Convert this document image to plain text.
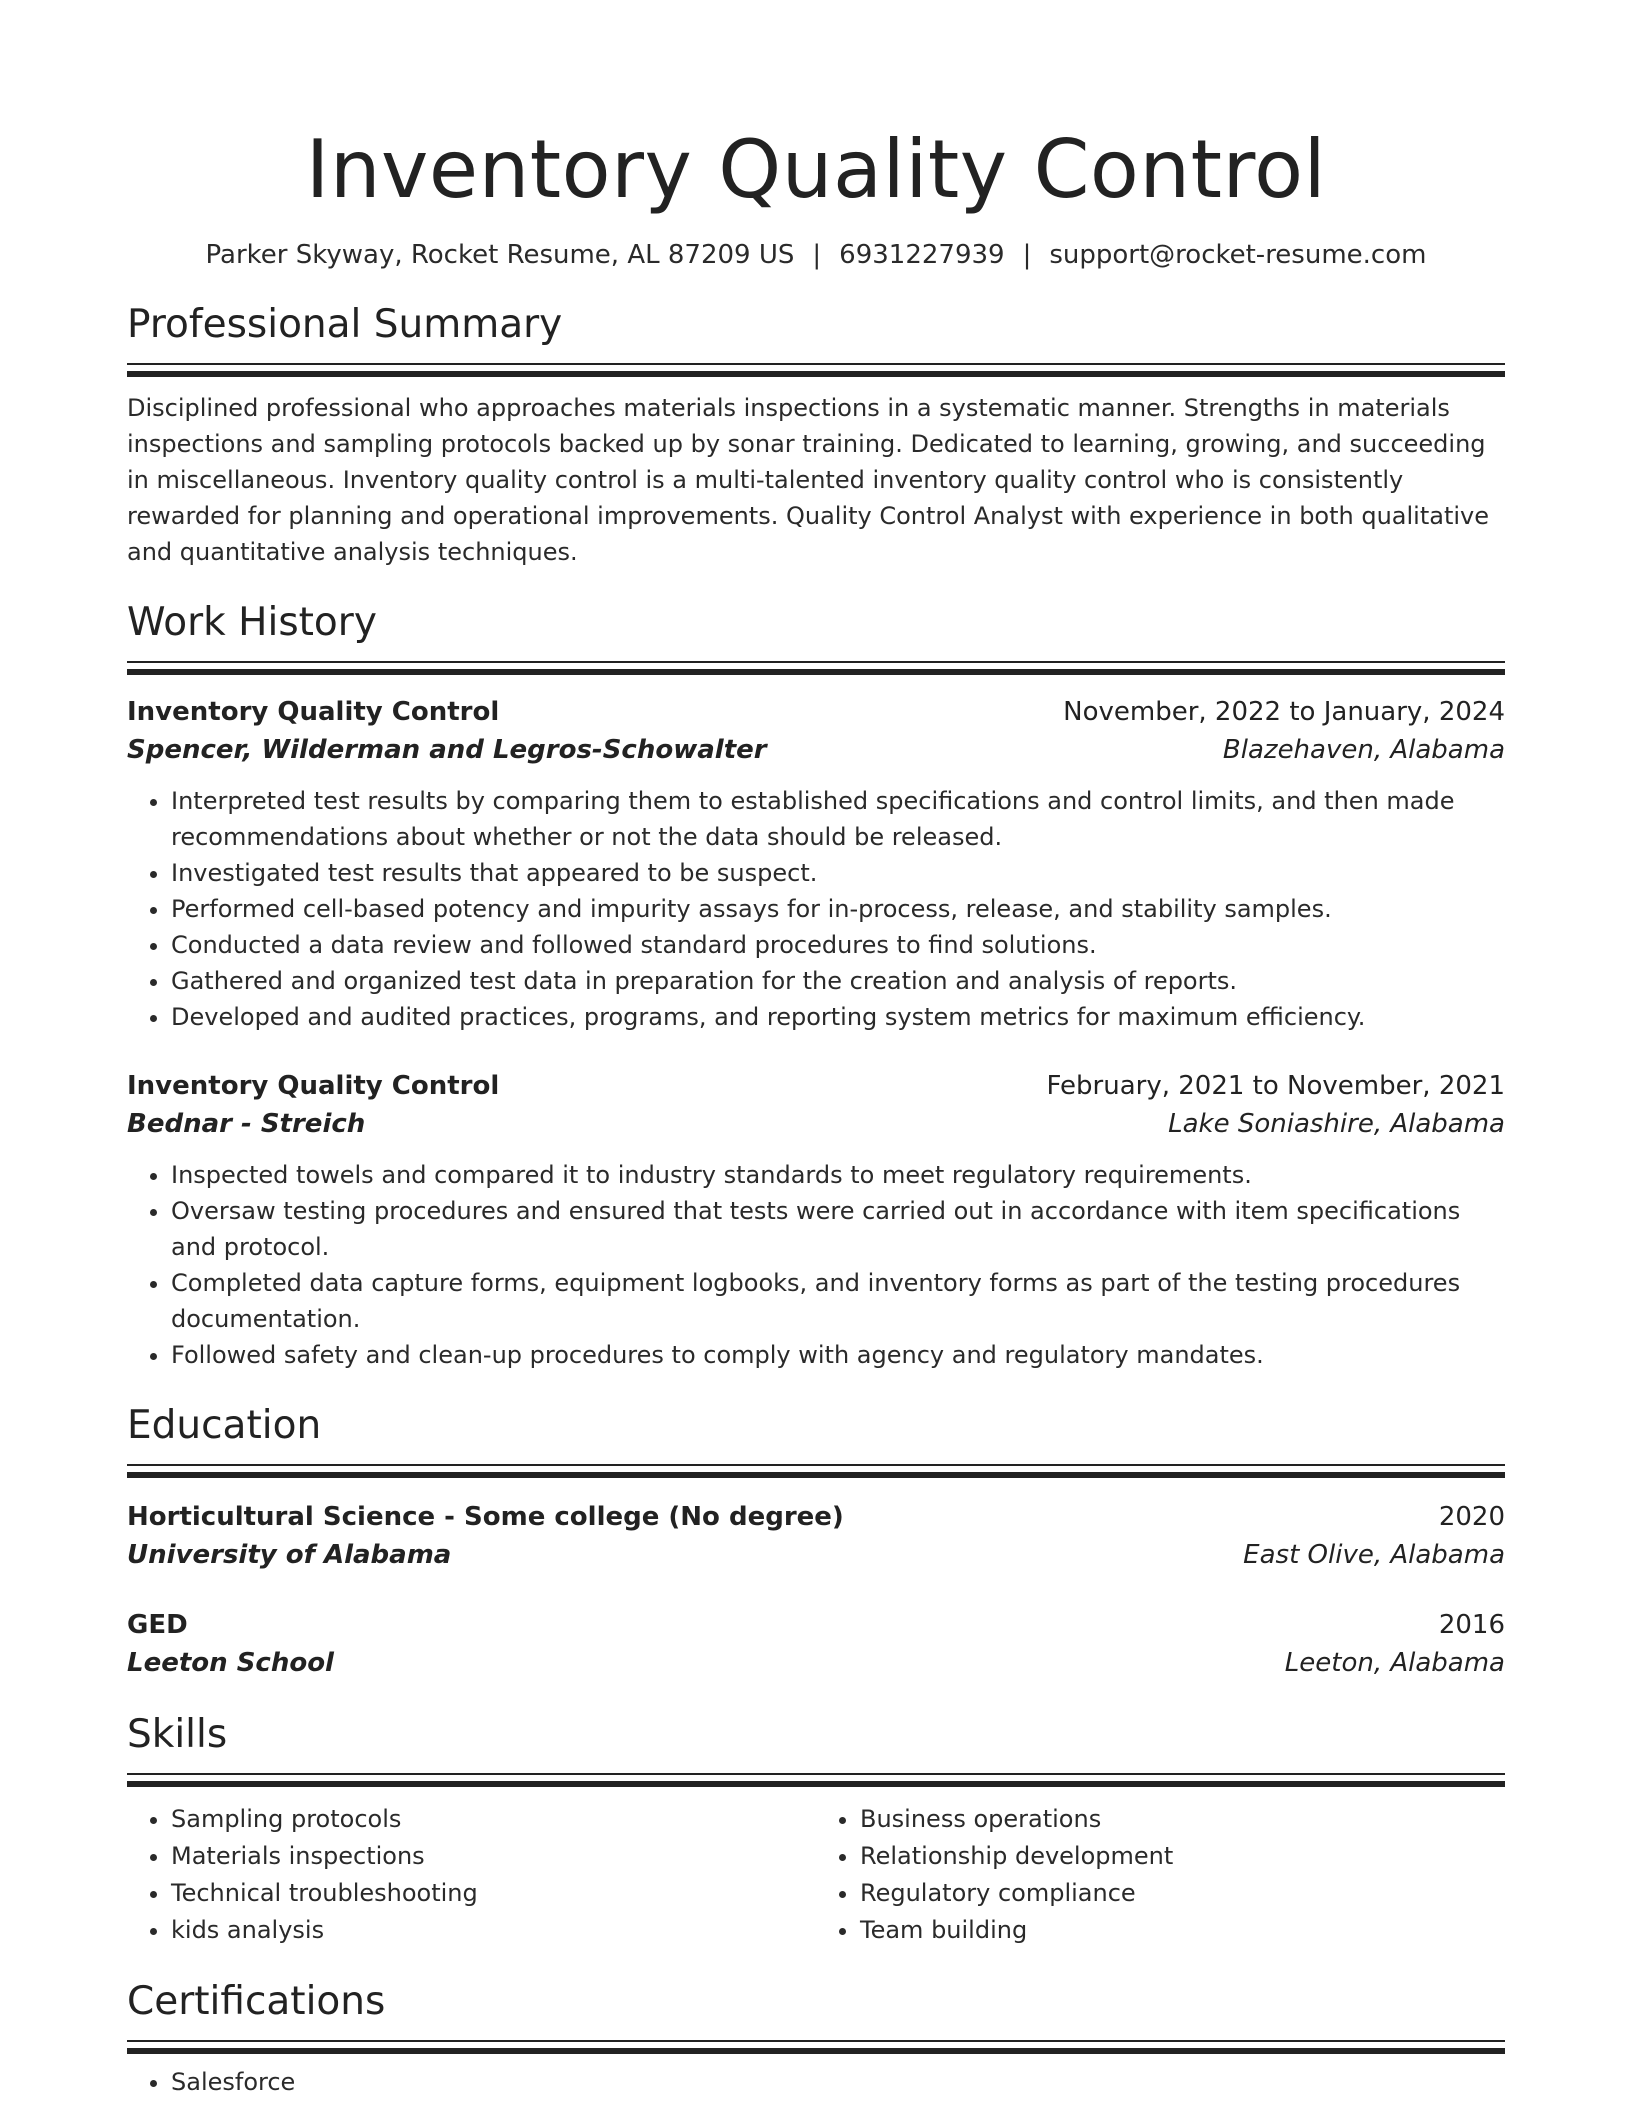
Inventory Quality Control
Parker Skyway, Rocket Resume, AL 87209 US | 6931227939 | support@rocket-resume.com
Professional Summary
Disciplined professional who approaches materials inspections in a systematic manner. Strengths in materials inspections and sampling protocols backed up by sonar training. Dedicated to learning, growing, and succeeding in miscellaneous. Inventory quality control is a multi-talented inventory quality control who is consistently rewarded for planning and operational improvements. Quality Control Analyst with experience in both qualitative and quantitative analysis techniques.
Work History
Inventory Quality Control	November, 2022 to January, 2024
Spencer, Wilderman and Legros-Schowalter	Blazehaven, Alabama
• Interpreted test results by comparing them to established specifications and control limits, and then made recommendations about whether or not the data should be released.
• Investigated test results that appeared to be suspect.
• Performed cell-based potency and impurity assays for in-process, release, and stability samples.
• Conducted a data review and followed standard procedures to find solutions.
• Gathered and organized test data in preparation for the creation and analysis of reports.
• Developed and audited practices, programs, and reporting system metrics for maximum efficiency.
Inventory Quality Control	February, 2021 to November, 2021
Bednar - Streich	Lake Soniashire, Alabama
• Inspected towels and compared it to industry standards to meet regulatory requirements.
• Oversaw testing procedures and ensured that tests were carried out in accordance with item specifications and protocol.
• Completed data capture forms, equipment logbooks, and inventory forms as part of the testing procedures documentation.
• Followed safety and clean-up procedures to comply with agency and regulatory mandates.
Education
Horticultural Science - Some college (No degree)	2020
University of Alabama	East Olive, Alabama
GED	2016
Leeton School	Leeton, Alabama
Skills
• Sampling protocols
• Materials inspections
• Technical troubleshooting
• kids analysis
• Business operations
• Relationship development
• Regulatory compliance
• Team building
Certifications
• Salesforce
